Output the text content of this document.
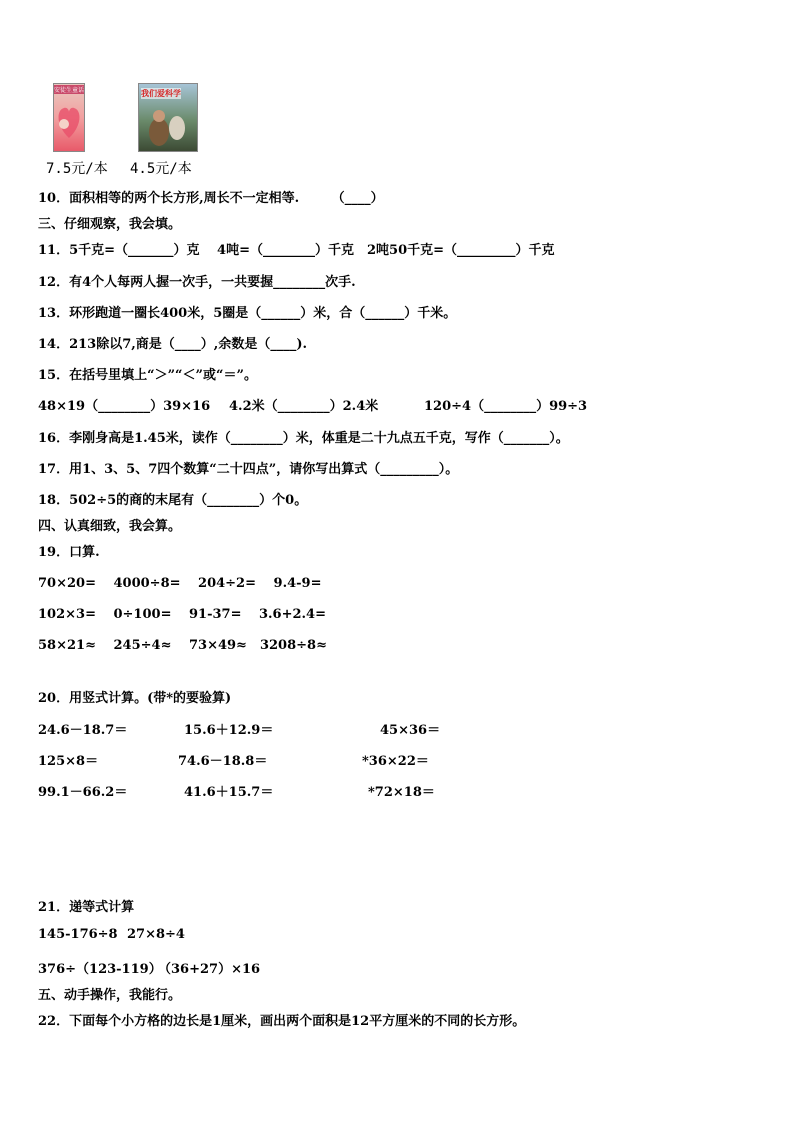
安徒生童话	我们爱科学
7.5元/本 4.5元/本
10．面积相等的两个长方形,周长不一定相等.　　　（____）
三、仔细观察，我会填。
11．5千克=（_______）克　 4吨=（________）千克　2吨50千克=（_________）千克
12．有4个人每两人握一次手，一共要握________次手.
13．环形跑道一圈长400米，5圈是（______）米，合（______）千米。
14．213除以7,商是（____）,余数是（____).
15．在括号里填上“＞”“＜”或“＝”。
48×19（________）39×16 4.2米（________）2.4米	120÷4（________）99÷3
16．李刚身高是1.45米，读作（________）米，体重是二十九点五千克，写作（_______）。
17．用1、3、5、7四个数算“二十四点”，请你写出算式（_________）。
18．502÷5的商的末尾有（________）个0。
四、认真细致，我会算。
19．口算.
70×20=　 4000÷8=　 204÷2=　 9.4-9=
102×3=　 0÷100=　 91-37=　 3.6+2.4=
58×21≈　 245÷4≈　 73×49≈　3208÷8≈
20．用竖式计算。(带*的要验算)
24.6－18.7＝	15.6＋12.9＝	45×36＝
125×8＝	74.6－18.8＝	*36×22＝
99.1－66.2＝	41.6＋15.7＝	*72×18＝
21．递等式计算
145-176÷8 27×8÷4
376÷（123-119）
（36+27）×16
五、动手操作，我能行。
22．下面每个小方格的边长是1厘米，画出两个面积是12平方厘米的不同的长方形。
